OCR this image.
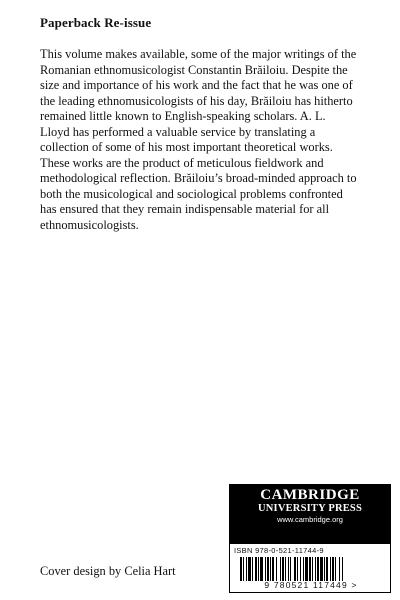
Paperback Re-issue

This volume makes available, some of the major writings of the Romanian ethnomusicologist Constantin Brăiloiu. Despite the size and importance of his work and the fact that he was one of the leading ethnomusicologists of his day, Brăiloiu has hitherto remained little known to English-speaking scholars. A. L. Lloyd has performed a valuable service by translating a collection of some of his most important theoretical works. These works are the product of meticulous fieldwork and methodological reflection. Brăiloiu’s broad-minded approach to both the musicological and sociological problems confronted has ensured that they remain indispensable material for all ethnomusicologists.

CAMBRIDGE
UNIVERSITY PRESS
www.cambridge.org
ISBN 978-0-521-11744-9
9 780521 117449 >
Cover design by Celia Hart
